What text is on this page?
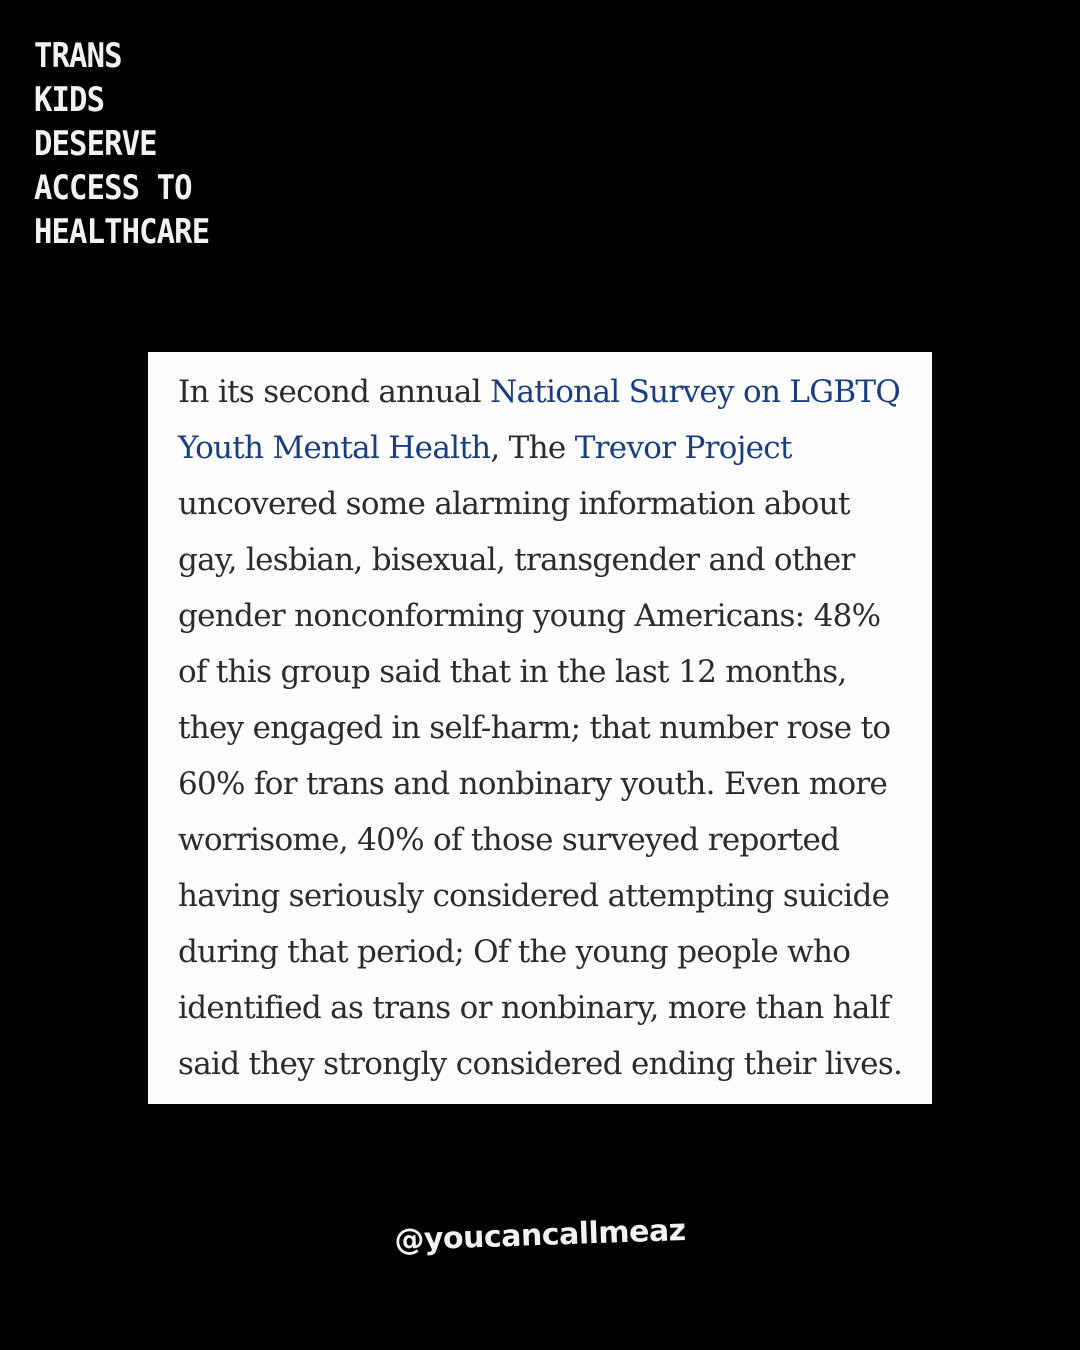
TRANS
KIDS
DESERVE
ACCESS TO
HEALTHCARE

In its second annual National Survey on LGBTQ
Youth Mental Health, The Trevor Project
uncovered some alarming information about
gay, lesbian, bisexual, transgender and other
gender nonconforming young Americans: 48%
of this group said that in the last 12 months,
they engaged in self-harm; that number rose to
60% for trans and nonbinary youth. Even more
worrisome, 40% of those surveyed reported
having seriously considered attempting suicide
during that period; Of the young people who
identified as trans or nonbinary, more than half
said they strongly considered ending their lives.

@youcancallmeaz
